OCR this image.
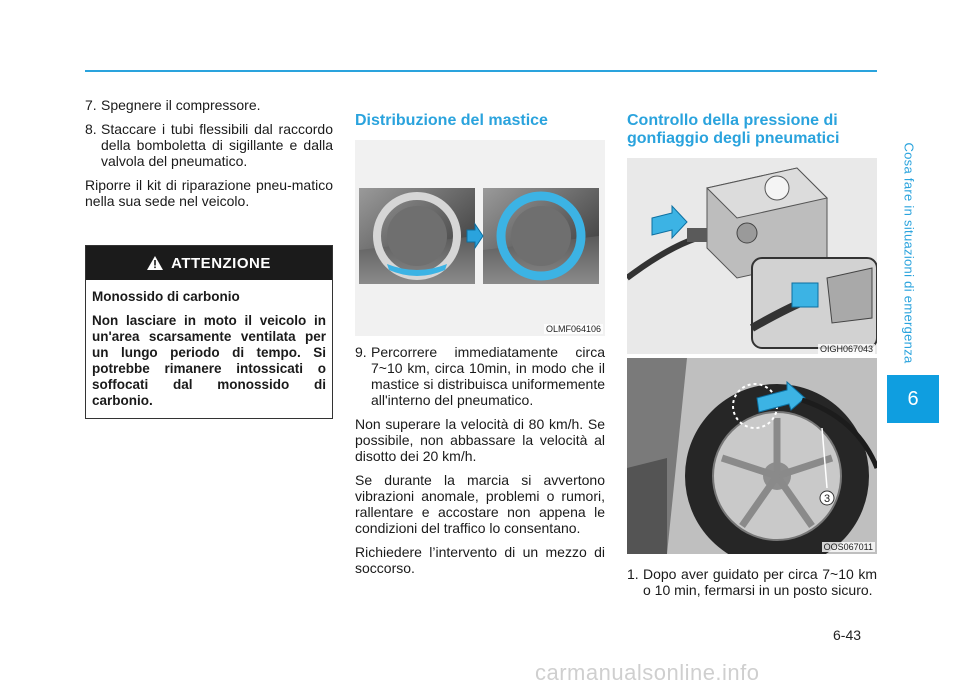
Cosa fare in situazioni di emergenza
6
6-43
7. Spegnere il compressore.
8. Staccare i tubi flessibili dal raccordo della bomboletta di sigillante e dalla valvola del pneumatico.

Riporre il kit di riparazione pneu-matico nella sua sede nel veicolo.

ATTENZIONE

Monossido di carbonio

Non lasciare in moto il veicolo in un'area scarsamente ventilata per un lungo periodo di tempo. Si potrebbe rimanere intossicati o soffocati dal monossido di carbonio.

OLMF064106
Distribuzione del mastice
9. Percorrere immediatamente circa 7~10 km, circa 10min, in modo che il mastice si distribuisca uniformemente all'interno del pneumatico.

Non superare la velocità di 80 km/h. Se possibile, non abbassare la velocità al disotto dei 20 km/h.

Se durante la marcia si avvertono vibrazioni anomale, problemi o rumori, rallentare e accostare non appena le condizioni del traffico lo consentano.

Richiedere l’intervento di un mezzo di soccorso.

Controllo della pressione di gonfiaggio degli pneumatici
OIGH067043
3
OOS067011
1. Dopo aver guidato per circa 7~10 km o 10 min, fermarsi in un posto sicuro.
carmanualsonline.info
